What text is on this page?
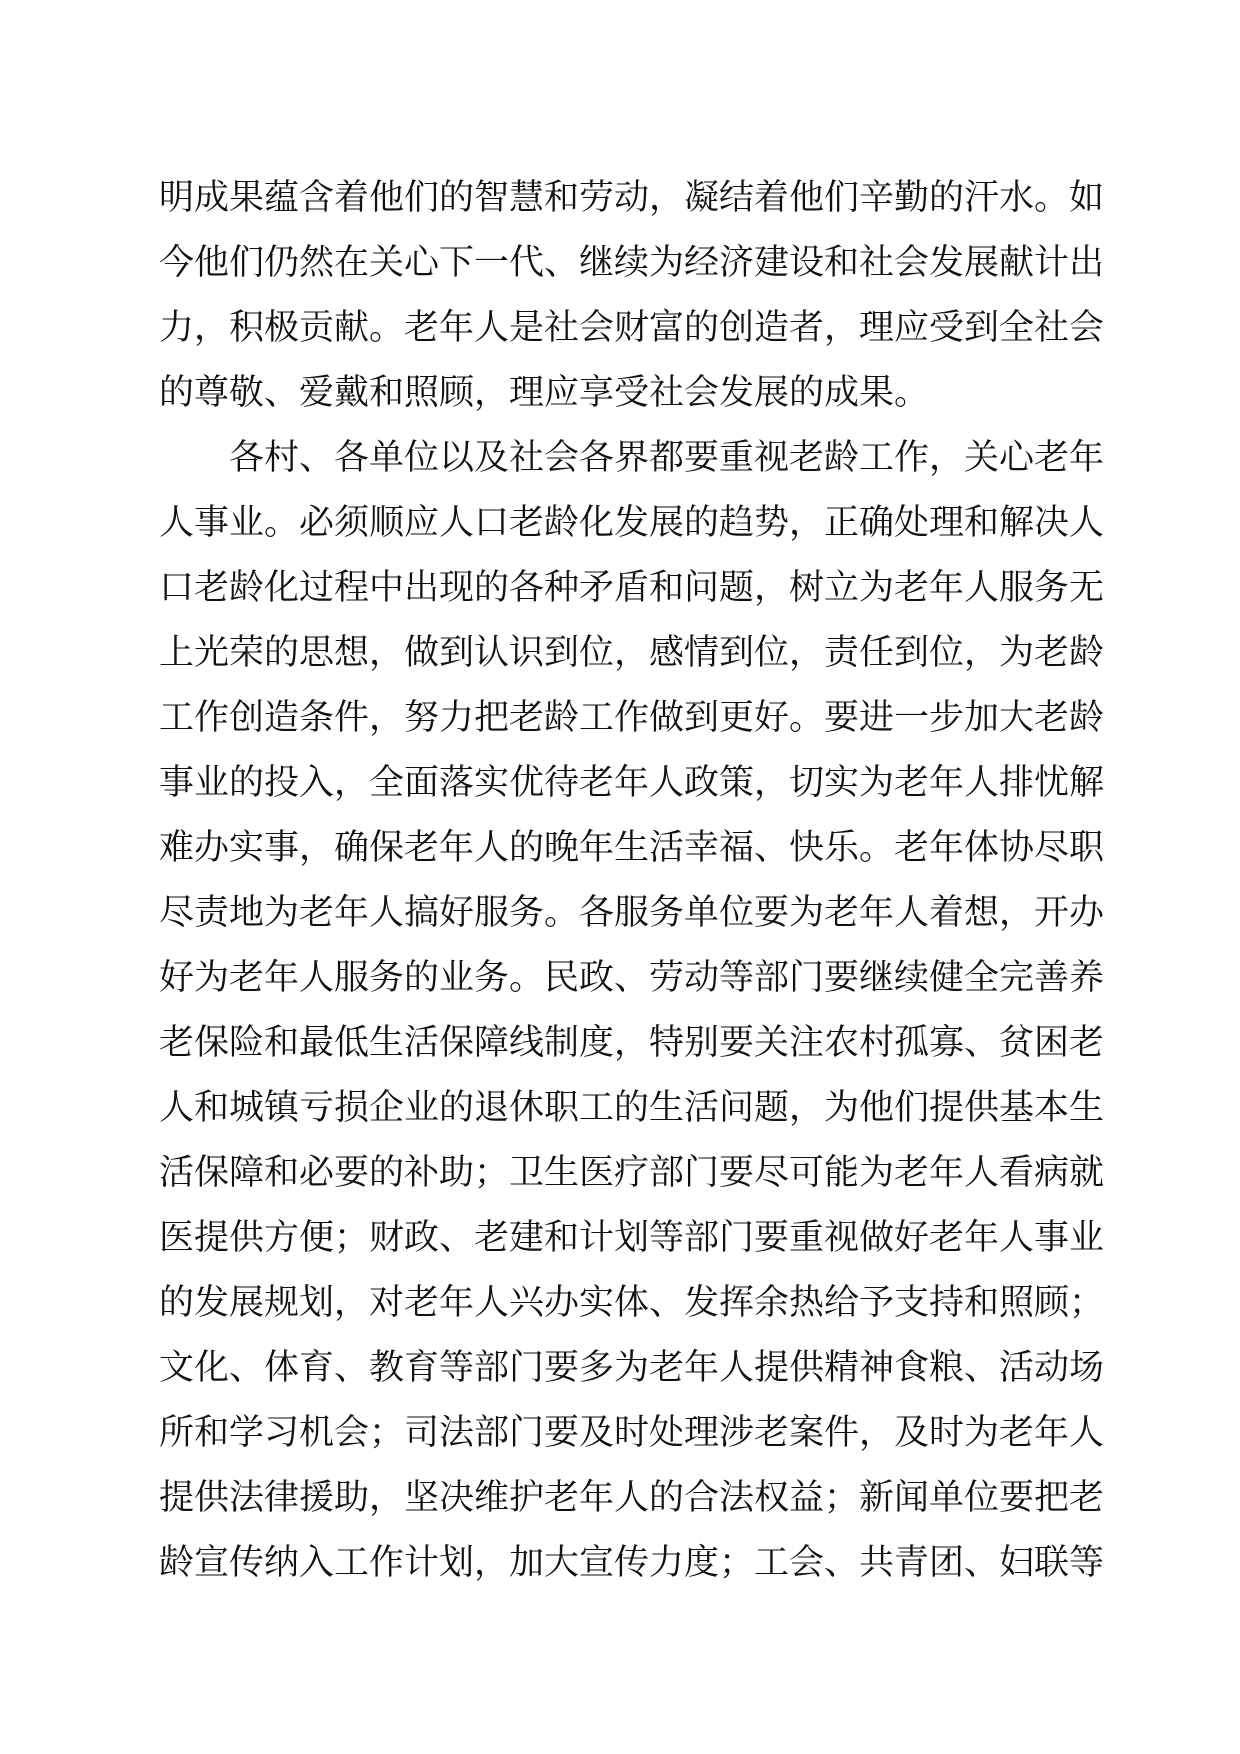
明成果蕴含着他们的智慧和劳动，凝结着他们辛勤的汗水。如
今他们仍然在关心下一代、继续为经济建设和社会发展献计出
力，积极贡献。老年人是社会财富的创造者，理应受到全社会
的尊敬、爱戴和照顾，理应享受社会发展的成果。
各村、各单位以及社会各界都要重视老龄工作，关心老年
人事业。必须顺应人口老龄化发展的趋势，正确处理和解决人
口老龄化过程中出现的各种矛盾和问题，树立为老年人服务无
上光荣的思想，做到认识到位，感情到位，责任到位，为老龄
工作创造条件，努力把老龄工作做到更好。要进一步加大老龄
事业的投入，全面落实优待老年人政策，切实为老年人排忧解
难办实事，确保老年人的晚年生活幸福、快乐。老年体协尽职
尽责地为老年人搞好服务。各服务单位要为老年人着想，开办
好为老年人服务的业务。民政、劳动等部门要继续健全完善养
老保险和最低生活保障线制度，特别要关注农村孤寡、贫困老
人和城镇亏损企业的退休职工的生活问题，为他们提供基本生
活保障和必要的补助；卫生医疗部门要尽可能为老年人看病就
医提供方便；财政、老建和计划等部门要重视做好老年人事业
的发展规划，对老年人兴办实体、发挥余热给予支持和照顾；
文化、体育、教育等部门要多为老年人提供精神食粮、活动场
所和学习机会；司法部门要及时处理涉老案件，及时为老年人
提供法律援助，坚决维护老年人的合法权益；新闻单位要把老
龄宣传纳入工作计划，加大宣传力度；工会、共青团、妇联等
